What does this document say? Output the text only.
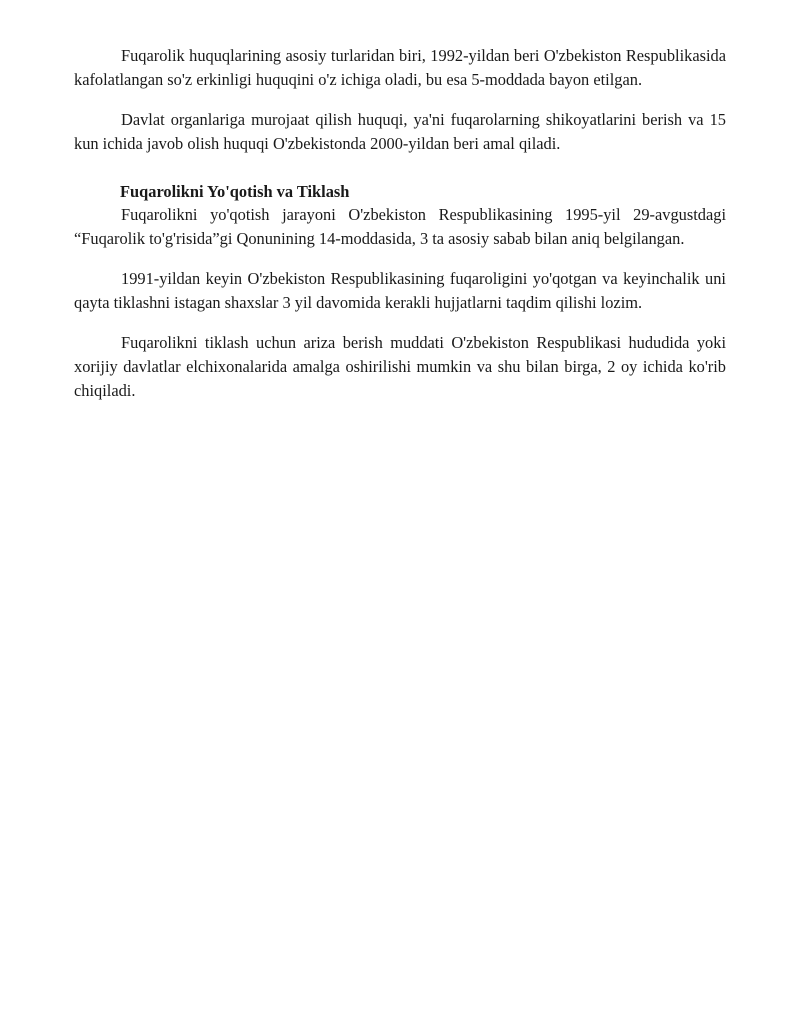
Fuqarolik huquqlarining asosiy turlaridan biri, 1992-yildan beri O'zbekiston Respublikasida kafolatlangan so'z erkinligi huquqini o'z ichiga oladi, bu esa 5-moddada bayon etilgan.

Davlat organlariga murojaat qilish huquqi, ya'ni fuqarolarning shikoyatlarini berish va 15 kun ichida javob olish huquqi O'zbekistonda 2000-yildan beri amal qiladi.

Fuqarolikni Yo'qotish va Tiklash

Fuqarolikni yo'qotish jarayoni O'zbekiston Respublikasining 1995-yil 29-avgustdagi “Fuqarolik to'g'risida”gi Qonunining 14-moddasida, 3 ta asosiy sabab bilan aniq belgilangan.

1991-yildan keyin O'zbekiston Respublikasining fuqaroligini yo'qotgan va keyinchalik uni qayta tiklashni istagan shaxslar 3 yil davomida kerakli hujjatlarni taqdim qilishi lozim.

Fuqarolikni tiklash uchun ariza berish muddati O'zbekiston Respublikasi hududida yoki xorijiy davlatlar elchixonalarida amalga oshirilishi mumkin va shu bilan birga, 2 oy ichida ko'rib chiqiladi.
